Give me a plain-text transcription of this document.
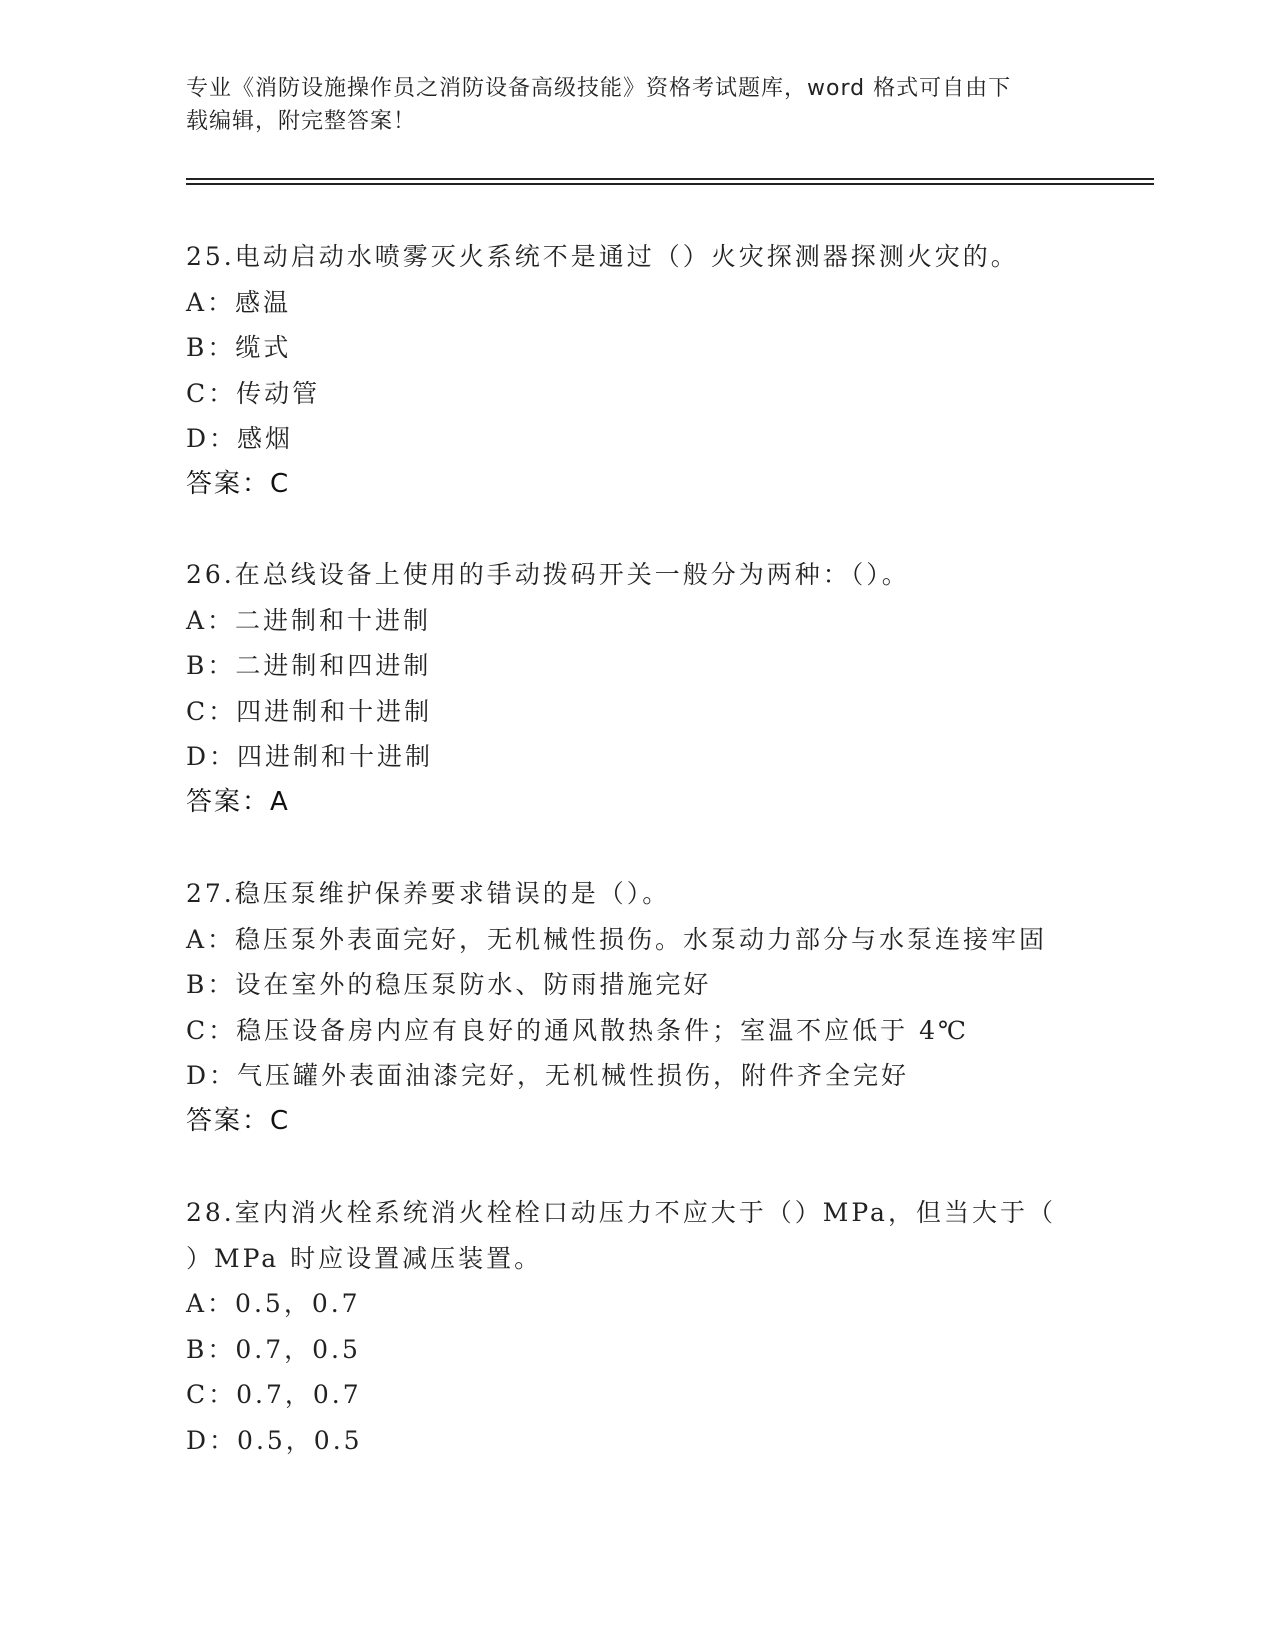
专业《消防设施操作员之消防设备高级技能》资格考试题库，word 格式可自由下
载编辑，附完整答案！
25.电动启动水喷雾灭火系统不是通过（）火灾探测器探测火灾的。
A：感温
B：缆式
C：传动管
D：感烟
答案：C
26.在总线设备上使用的手动拨码开关一般分为两种：（）。
A：二进制和十进制
B：二进制和四进制
C：四进制和十进制
D：四进制和十进制
答案：A
27.稳压泵维护保养要求错误的是（）。
A：稳压泵外表面完好，无机械性损伤。水泵动力部分与水泵连接牢固
B：设在室外的稳压泵防水、防雨措施完好
C：稳压设备房内应有良好的通风散热条件；室温不应低于 4℃
D：气压罐外表面油漆完好，无机械性损伤，附件齐全完好
答案：C
28.室内消火栓系统消火栓栓口动压力不应大于（）MPa，但当大于（
）MPa 时应设置减压装置。
A：0.5，0.7
B：0.7，0.5
C：0.7，0.7
D：0.5，0.5
